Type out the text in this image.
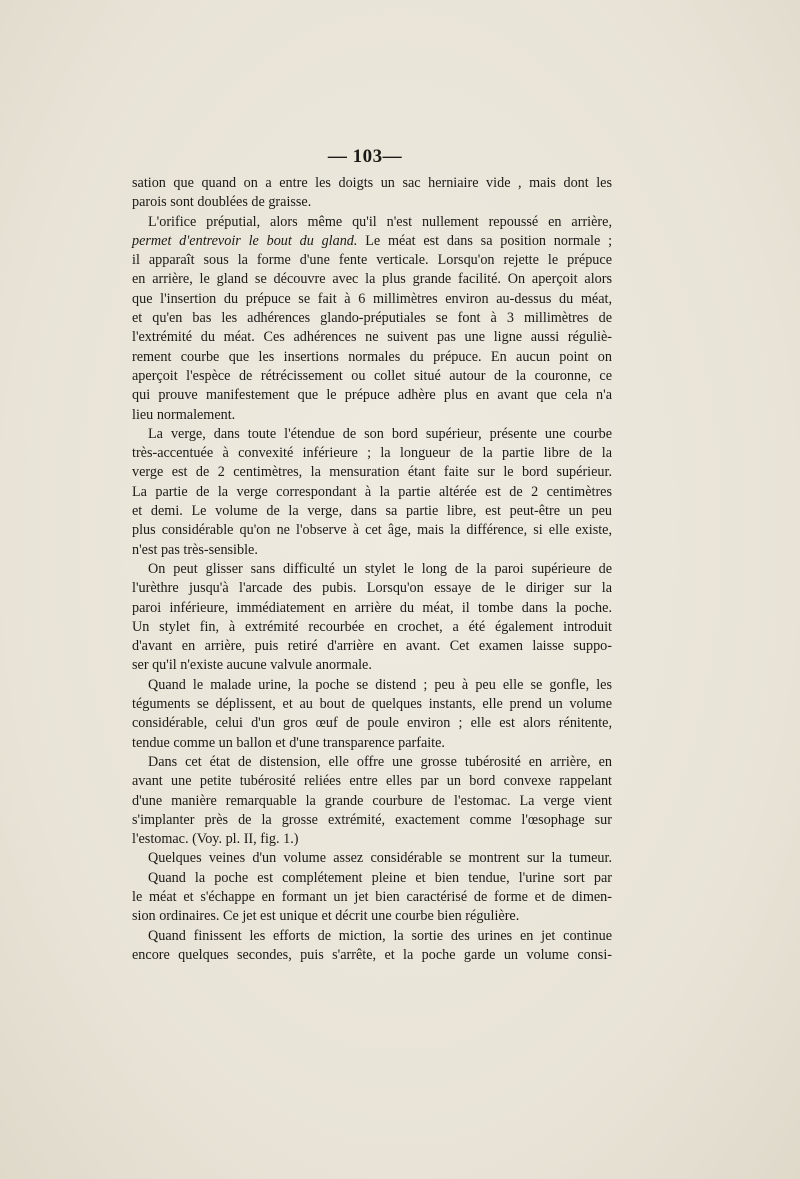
— 103—
sation que quand on a entre les doigts un sac herniaire vide , mais dont les
parois sont doublées de graisse.
L'orifice préputial, alors même qu'il n'est nullement repoussé en arrière,
permet d'entrevoir le bout du gland. Le méat est dans sa position normale ;
il apparaît sous la forme d'une fente verticale. Lorsqu'on rejette le prépuce
en arrière, le gland se découvre avec la plus grande facilité. On aperçoit alors
que l'insertion du prépuce se fait à 6 millimètres environ au-dessus du méat,
et qu'en bas les adhérences glando-préputiales se font à 3 millimètres de
l'extrémité du méat. Ces adhérences ne suivent pas une ligne aussi réguliè-
rement courbe que les insertions normales du prépuce. En aucun point on
aperçoit l'espèce de rétrécissement ou collet situé autour de la couronne, ce
qui prouve manifestement que le prépuce adhère plus en avant que cela n'a
lieu normalement.
La verge, dans toute l'étendue de son bord supérieur, présente une courbe
très-accentuée à convexité inférieure ; la longueur de la partie libre de la
verge est de 2 centimètres, la mensuration étant faite sur le bord supérieur.
La partie de la verge correspondant à la partie altérée est de 2 centimètres
et demi. Le volume de la verge, dans sa partie libre, est peut-être un peu
plus considérable qu'on ne l'observe à cet âge, mais la différence, si elle existe,
n'est pas très-sensible.
On peut glisser sans difficulté un stylet le long de la paroi supérieure de
l'urèthre jusqu'à l'arcade des pubis. Lorsqu'on essaye de le diriger sur la
paroi inférieure, immédiatement en arrière du méat, il tombe dans la poche.
Un stylet fin, à extrémité recourbée en crochet, a été également introduit
d'avant en arrière, puis retiré d'arrière en avant. Cet examen laisse suppo-
ser qu'il n'existe aucune valvule anormale.
Quand le malade urine, la poche se distend ; peu à peu elle se gonfle, les
téguments se déplissent, et au bout de quelques instants, elle prend un volume
considérable, celui d'un gros œuf de poule environ ; elle est alors rénitente,
tendue comme un ballon et d'une transparence parfaite.
Dans cet état de distension, elle offre une grosse tubérosité en arrière, en
avant une petite tubérosité reliées entre elles par un bord convexe rappelant
d'une manière remarquable la grande courbure de l'estomac. La verge vient
s'implanter près de la grosse extrémité, exactement comme l'œsophage sur
l'estomac. (Voy. pl. II, fig. 1.)
Quelques veines d'un volume assez considérable se montrent sur la tumeur.
Quand la poche est complétement pleine et bien tendue, l'urine sort par
le méat et s'échappe en formant un jet bien caractérisé de forme et de dimen-
sion ordinaires. Ce jet est unique et décrit une courbe bien régulière.
Quand finissent les efforts de miction, la sortie des urines en jet continue
encore quelques secondes, puis s'arrête, et la poche garde un volume consi-
